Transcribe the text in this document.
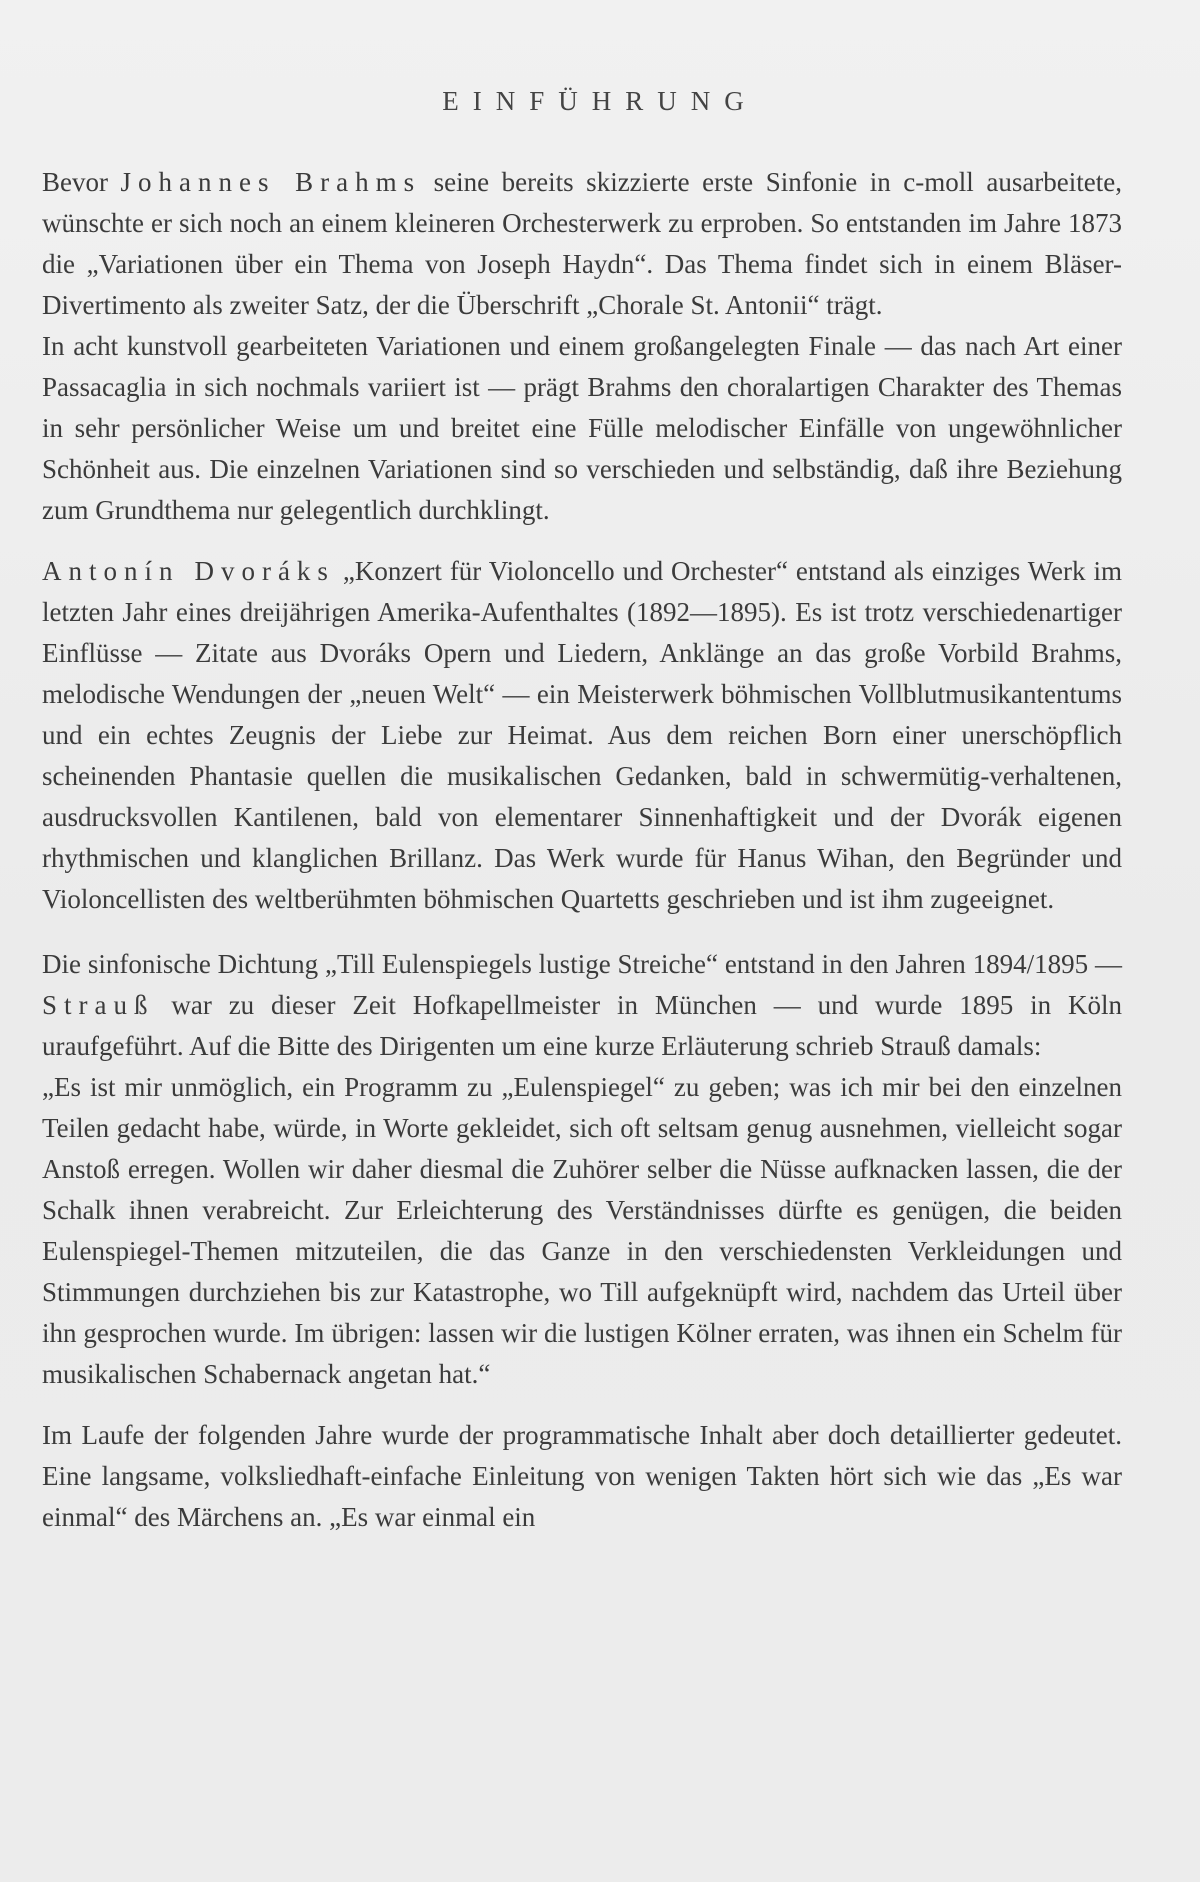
EINFÜHRUNG

Bevor Johannes Brahms seine bereits skizzierte erste Sinfonie in c-moll ausarbeitete, wünschte er sich noch an einem kleineren Orchesterwerk zu erproben. So entstanden im Jahre 1873 die „Variationen über ein Thema von Joseph Haydn“. Das Thema findet sich in einem Bläser-Divertimento als zweiter Satz, der die Überschrift „Chorale St. Antonii“ trägt.

In acht kunstvoll gearbeiteten Variationen und einem großangelegten Finale — das nach Art einer Passacaglia in sich nochmals variiert ist — prägt Brahms den choralartigen Charakter des Themas in sehr persönlicher Weise um und breitet eine Fülle melodischer Einfälle von ungewöhnlicher Schönheit aus. Die einzelnen Variationen sind so verschieden und selbständig, daß ihre Beziehung zum Grundthema nur gelegentlich durchklingt.

Antonín Dvoráks „Konzert für Violoncello und Orchester“ entstand als einziges Werk im letzten Jahr eines dreijährigen Amerika-Aufenthaltes (1892—1895). Es ist trotz verschiedenartiger Einflüsse — Zitate aus Dvoráks Opern und Liedern, Anklänge an das große Vorbild Brahms, melodische Wendungen der „neuen Welt“ — ein Meisterwerk böhmischen Vollblutmusikantentums und ein echtes Zeugnis der Liebe zur Heimat. Aus dem reichen Born einer unerschöpflich scheinenden Phantasie quellen die musikalischen Gedanken, bald in schwermütig-verhaltenen, ausdrucksvollen Kantilenen, bald von elementarer Sinnenhaftigkeit und der Dvorák eigenen rhythmischen und klanglichen Brillanz. Das Werk wurde für Hanus Wihan, den Begründer und Violoncellisten des weltberühmten böhmischen Quartetts geschrieben und ist ihm zugeeignet.

Die sinfonische Dichtung „Till Eulenspiegels lustige Streiche“ entstand in den Jahren 1894/1895 — Strauß war zu dieser Zeit Hofkapellmeister in München — und wurde 1895 in Köln uraufgeführt. Auf die Bitte des Dirigenten um eine kurze Erläuterung schrieb Strauß damals:

„Es ist mir unmöglich, ein Programm zu „Eulenspiegel“ zu geben; was ich mir bei den einzelnen Teilen gedacht habe, würde, in Worte gekleidet, sich oft seltsam genug ausnehmen, vielleicht sogar Anstoß erregen. Wollen wir daher diesmal die Zuhörer selber die Nüsse aufknacken lassen, die der Schalk ihnen verabreicht. Zur Erleichterung des Verständnisses dürfte es genügen, die beiden Eulenspiegel-Themen mitzuteilen, die das Ganze in den verschiedensten Verkleidungen und Stimmungen durchziehen bis zur Katastrophe, wo Till aufgeknüpft wird, nachdem das Urteil über ihn gesprochen wurde. Im übrigen: lassen wir die lustigen Kölner erraten, was ihnen ein Schelm für musikalischen Schabernack angetan hat.“

Im Laufe der folgenden Jahre wurde der programmatische Inhalt aber doch detaillierter gedeutet. Eine langsame, volksliedhaft-einfache Einleitung von wenigen Takten hört sich wie das „Es war einmal“ des Märchens an. „Es war einmal ein
